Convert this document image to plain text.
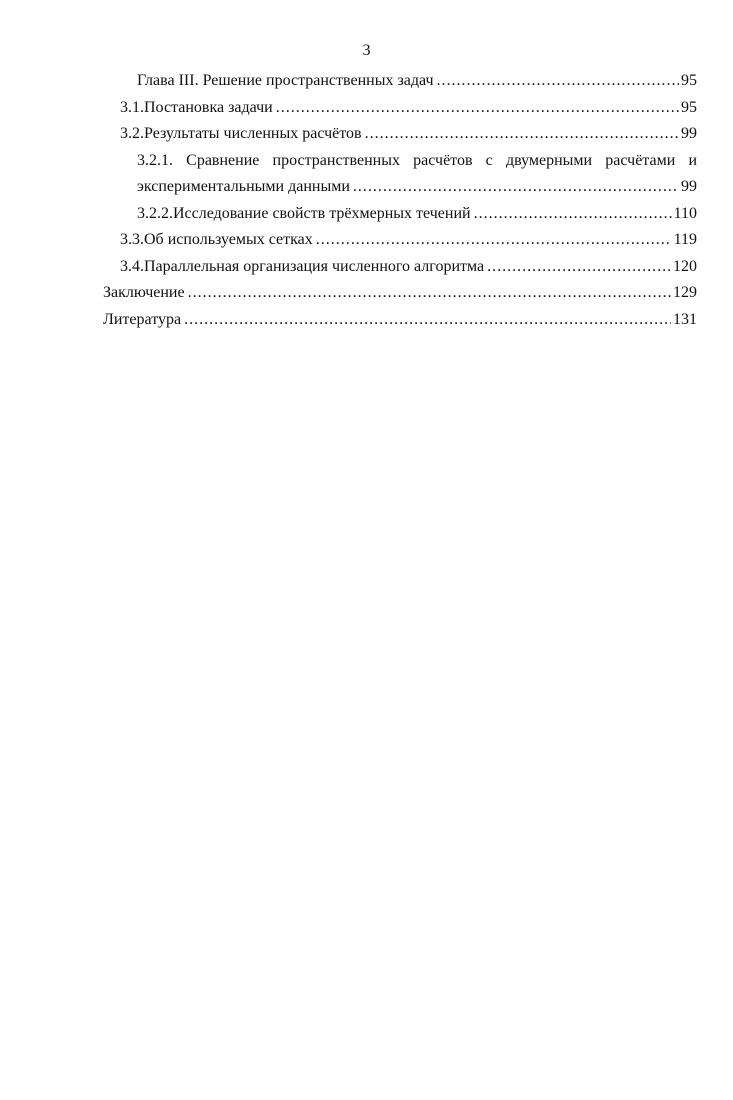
3
Глава III. Решение пространственных задач .....	95
3.1. Постановка задачи .....	95
3.2. Результаты численных расчётов .....	99
3.2.1. Сравнение пространственных расчётов с двумерными расчётами и
экспериментальными данными .....	99
3.2.2. Исследование свойств трёхмерных течений .....	110
3.3. Об используемых сетках .....	119
3.4. Параллельная организация численного алгоритма .....	120
Заключение .....	129
Литература .....	131
